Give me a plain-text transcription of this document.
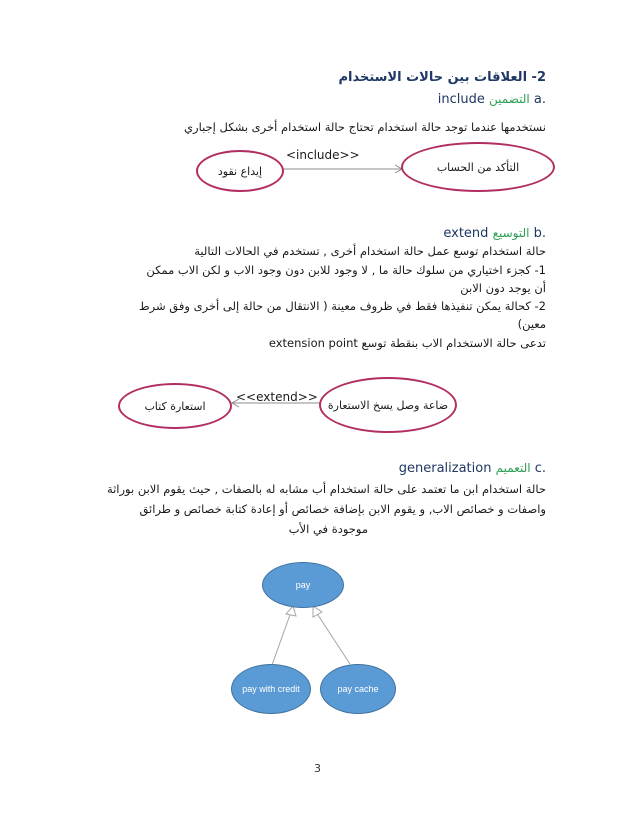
2- العلاقات بين حالات الاستخدام
.a التضمين include
نستخدمها عندما توجد حالة استخدام تحتاج حالة استخدام أخرى بشكل إجباري
<include>>
إيداع نقود	التأكد من الحساب
.b التوسيع extend
حالة استخدام توسع عمل حالة استخدام أخرى , تستخدم في الحالات التالية
1- كجزء اختياري من سلوك حالة ما , لا وجود للابن دون وجود الاب و لكن الاب ممكن
أن يوجد دون الابن
2- كحالة يمكن تنفيذها فقط في ظروف معينة ( الانتقال من حالة إلى أخرى وفق شرط
معين)
تدعى حالة الاستخدام الاب بنقطة توسع extension point
<<extend>>
استعارة كتاب	ضاعة وصل يسخ الاستعارة
.c التعميم generalization
حالة استخدام ابن ما تعتمد على حالة استخدام أب مشابه له بالصفات , حيث يقوم الابن بوراثة
واصفات و خصائص الاب, و يقوم الابن بإضافة خصائص أو إعادة كتابة خصائص و طرائق
موجودة في الأب
pay
pay with credit	pay cache
3
